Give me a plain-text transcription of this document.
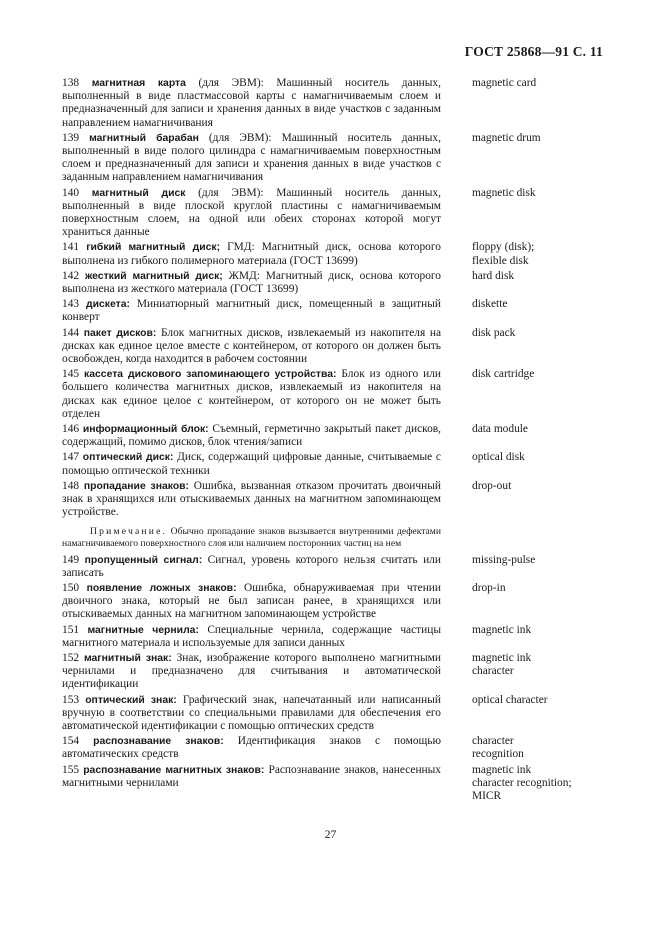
ГОСТ 25868—91 С. 11
138 магнитная карта (для ЭВМ): Машинный носитель данных, выполненный в виде пластмассовой карты с намагничиваемым слоем и предназначенный для записи и хранения данных в виде участков с заданным направлением намагничивания
magnetic card
139 магнитный барабан (для ЭВМ): Машинный носитель данных, выполненный в виде полого цилиндра с намагничиваемым поверхностным слоем и предназначенный для записи и хранения данных в виде участков с заданным направлением намагничивания
magnetic drum
140 магнитный диск (для ЭВМ): Машинный носитель данных, выполненный в виде плоской круглой пластины с намагничиваемым поверхностным слоем, на одной или обеих сторонах которой могут храниться данные
magnetic disk
141 гибкий магнитный диск; ГМД: Магнитный диск, основа которого выполнена из гибкого полимерного материала (ГОСТ 13699)
floppy (disk);
flexible disk
142 жесткий магнитный диск; ЖМД: Магнитный диск, основа которого выполнена из жесткого материала (ГОСТ 13699)
hard disk
143 дискета: Миниатюрный магнитный диск, помещенный в защитный конверт
diskette
144 пакет дисков: Блок магнитных дисков, извлекаемый из накопителя на дисках как единое целое вместе с контейнером, от которого он должен быть освобожден, когда находится в рабочем состоянии
disk pack
145 кассета дискового запоминающего устройства: Блок из одного или большего количества магнитных дисков, извлекаемый из накопителя на дисках как единое целое с контейнером, от которого он не может быть отделен
disk cartridge
146 информационный блок: Съемный, герметично закрытый пакет дисков, содержащий, помимо дисков, блок чтения/записи
data module
147 оптический диск: Диск, содержащий цифровые данные, считываемые с помощью оптической техники
optical disk
148 пропадание знаков: Ошибка, вызванная отказом прочитать двоичный знак в хранящихся или отыскиваемых данных на магнитном запоминающем устройстве.
drop-out
Примечание. Обычно пропадание знаков вызывается внутренними дефектами намагничиваемого поверхностного слоя или наличием посторонних частиц на нем
149 пропущенный сигнал: Сигнал, уровень которого нельзя считать или записать
missing-pulse
150 появление ложных знаков: Ошибка, обнаруживаемая при чтении двоичного знака, который не был записан ранее, в хранящихся или отыскиваемых данных на магнитном запоминающем устройстве
drop-in
151 магнитные чернила: Специальные чернила, содержащие частицы магнитного материала и используемые для записи данных
magnetic ink
152 магнитный знак: Знак, изображение которого выполнено магнитными чернилами и предназначено для считывания и автоматической идентификации
magnetic ink
character
153 оптический знак: Графический знак, напечатанный или написанный вручную в соответствии со специальными правилами для обеспечения его автоматической идентификации с помощью оптических средств
optical character
154 распознавание знаков: Идентификация знаков с помощью автоматических средств
character
recognition
155 распознавание магнитных знаков: Распознавание знаков, нанесенных магнитными чернилами
magnetic ink
character recognition;
MICR
27
